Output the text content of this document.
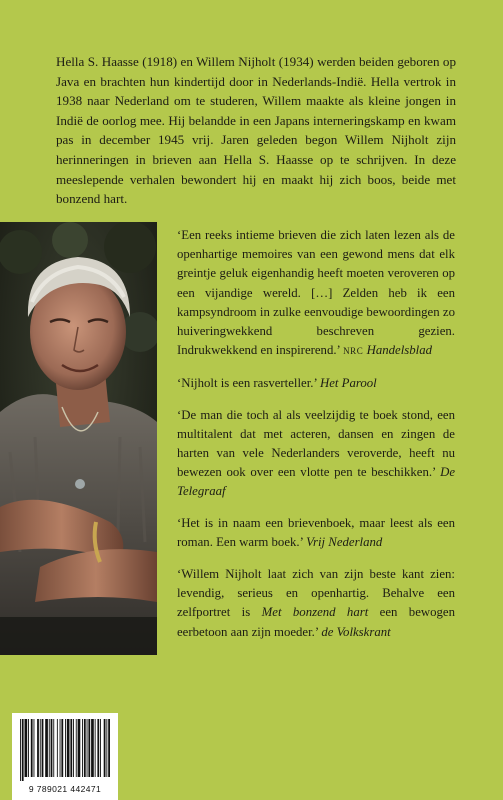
Hella S. Haasse (1918) en Willem Nijholt (1934) werden beiden geboren op Java en brachten hun kindertijd door in Nederlands-Indië. Hella vertrok in 1938 naar Nederland om te studeren, Willem maakte als kleine jongen in Indië de oorlog mee. Hij belandde in een Japans interneringskamp en kwam pas in december 1945 vrij. Jaren geleden begon Willem Nijholt zijn herinneringen in brieven aan Hella S. Haasse op te schrijven. In deze meeslepende verhalen bewondert hij en maakt hij zich boos, beide met bonzend hart.

‘Een reeks intieme brieven die zich laten lezen als de openhartige memoires van een gewond mens dat elk greintje geluk eigenhandig heeft moeten veroveren op een vijandige wereld. […] Zelden heb ik een kampsyndroom in zulke eenvoudige bewoordingen zo huiveringwekkend beschreven gezien. Indrukwekkend en inspirerend.’ NRC Handelsblad

‘Nijholt is een rasverteller.’ Het Parool

‘De man die toch al als veelzijdig te boek stond, een multitalent dat met acteren, dansen en zingen de harten van vele Nederlanders veroverde, heeft nu bewezen ook over een vlotte pen te beschikken.’ De Telegraaf

‘Het is in naam een brievenboek, maar leest als een roman. Een warm boek.’ Vrij Nederland

‘Willem Nijholt laat zich van zijn beste kant zien: levendig, serieus en openhartig. Behalve een zelfportret is Met bonzend hart een bewogen eerbetoon aan zijn moeder.’ de Volkskrant

9 789021 442471
